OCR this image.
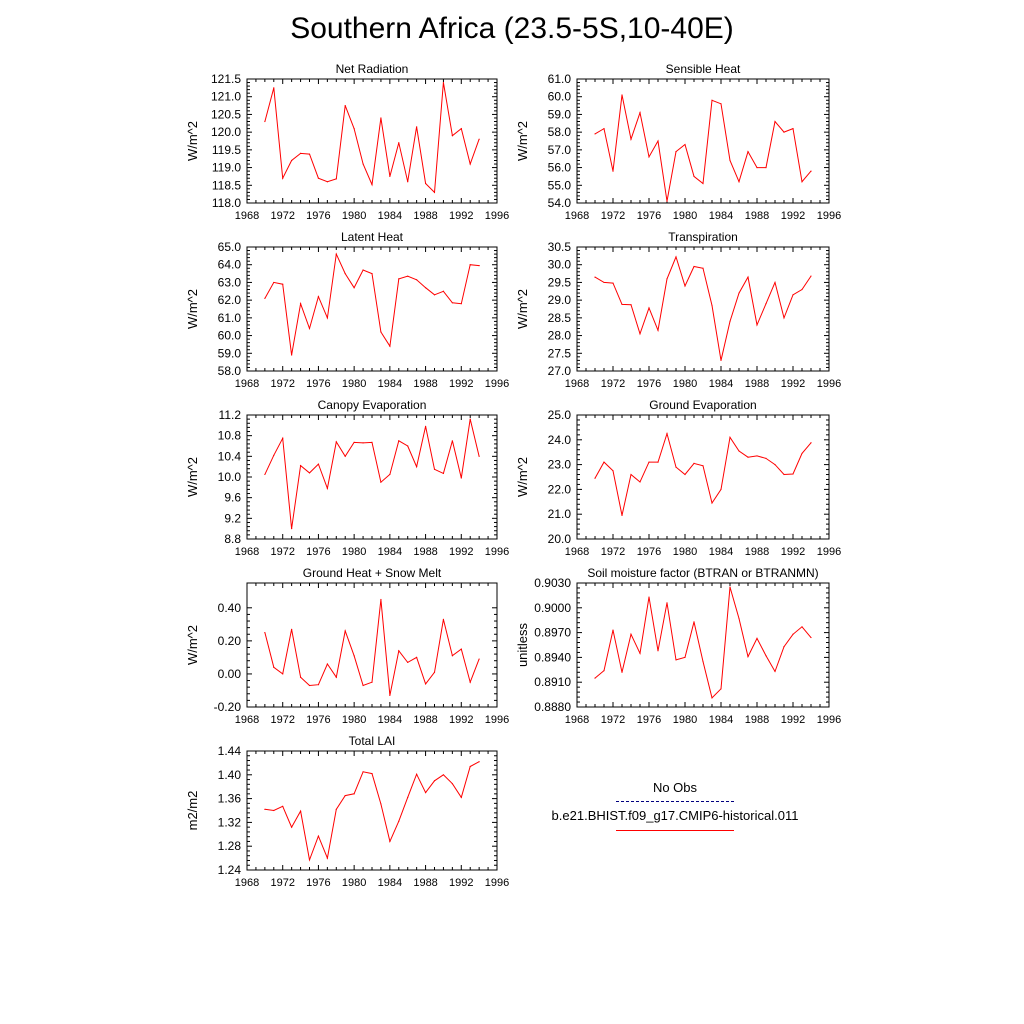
Southern Africa (23.5-5S,10-40E)
1968 1972 1976 1980 1984 1988 1992 1996
118.0
118.5
119.0
119.5
120.0
120.5
121.0
121.5
Net Radiation
W/m^2
1968 1972 1976 1980 1984 1988 1992 1996
54.0
55.0
56.0
57.0
58.0
59.0
60.0
61.0
Sensible Heat
W/m^2
1968 1972 1976 1980 1984 1988 1992 1996
58.0
59.0
60.0
61.0
62.0
63.0
64.0
65.0
Latent Heat
W/m^2
1968 1972 1976 1980 1984 1988 1992 1996
27.0
27.5
28.0
28.5
29.0
29.5
30.0
30.5
Transpiration
W/m^2
1968 1972 1976 1980 1984 1988 1992 1996
8.8
9.2
9.6
10.0
10.4
10.8
11.2
Canopy Evaporation
W/m^2
1968 1972 1976 1980 1984 1988 1992 1996
20.0
21.0
22.0
23.0
24.0
25.0
Ground Evaporation
W/m^2
1968 1972 1976 1980 1984 1988 1992 1996
-0.20
0.00
0.20
0.40
Ground Heat + Snow Melt
W/m^2
1968 1972 1976 1980 1984 1988 1992 1996
0.8880
0.8910
0.8940
0.8970
0.9000
0.9030
Soil moisture factor (BTRAN or BTRANMN)
unitless
1968 1972 1976 1980 1984 1988 1992 1996
1.24
1.28
1.32
1.36
1.40
1.44
Total LAI
m2/m2
No Obs
b.e21.BHIST.f09_g17.CMIP6-historical.011
